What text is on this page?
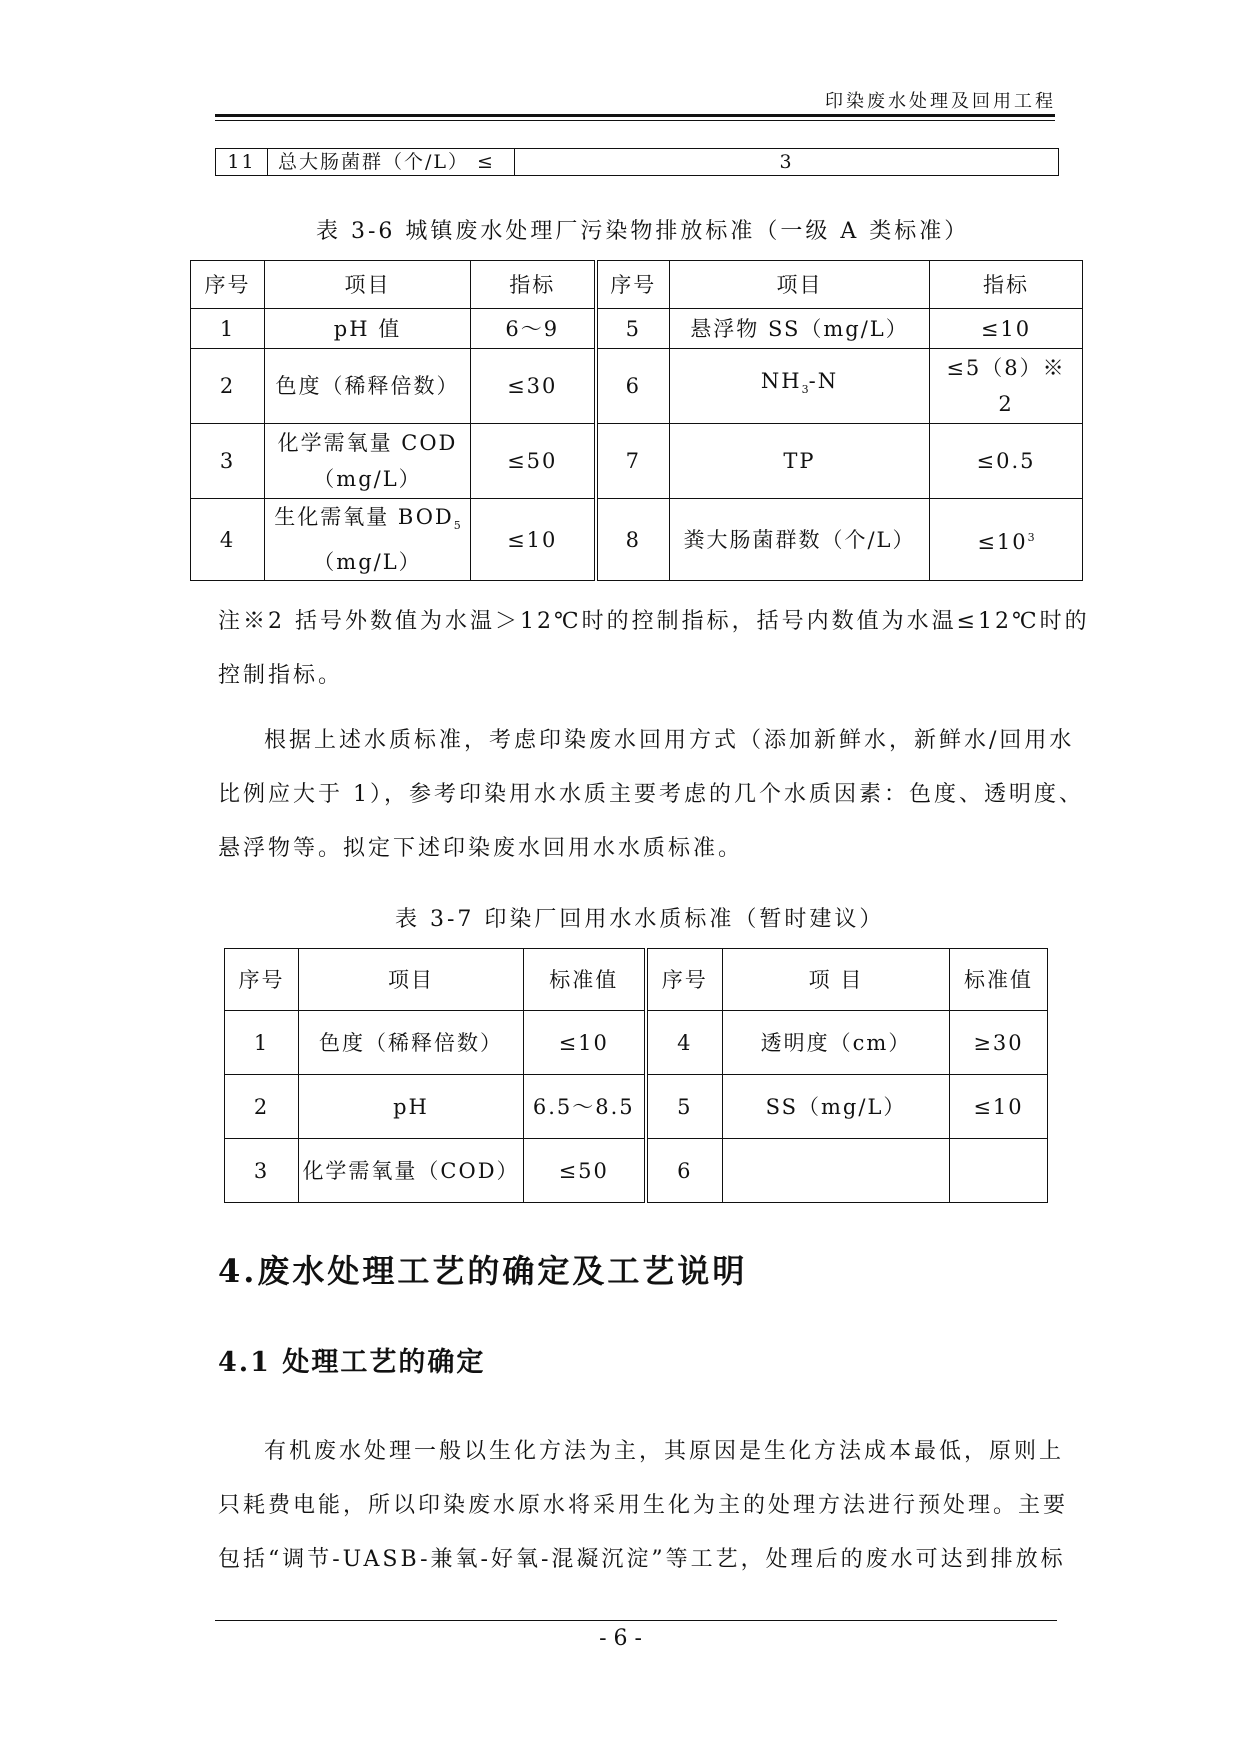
印染废水处理及回用工程
11	总大肠菌群（个/L） ≤	3
表 3-6 城镇废水处理厂污染物排放标准（一级 A 类标准）
序号	项目	指标	序号	项目	指标
1	pH 值	6～9	5	悬浮物 SS（mg/L）	≤10
2	色度（稀释倍数）	≤30	6	$NH_3-N$	≤5（8）※
2

3	化学需氧量 COD
（mg/L）	≤50	7	TP	≤0.5
4	生化需氧量 $BOD_5$
（mg/L）	≤10	8	粪大肠菌群数（个/L）	$\le 10^3$
注※2 括号外数值为水温＞12℃时的控制指标，括号内数值为水温≤12℃时的
控制指标。
根据上述水质标准，考虑印染废水回用方式（添加新鲜水，新鲜水/回用水
比例应大于 1），参考印染用水水质主要考虑的几个水质因素：色度、透明度、
悬浮物等。拟定下述印染废水回用水水质标准。
表 3-7 印染厂回用水水质标准（暂时建议）
序号	项目	标准值	序号	项 目	标准值
1	色度（稀释倍数）	≤10	4	透明度（cm）	≥30
2	pH	6.5～8.5	5	SS（mg/L）	≤10
3	化学需氧量（COD）	≤50	6		
4.废水处理工艺的确定及工艺说明
4.1 处理工艺的确定
有机废水处理一般以生化方法为主，其原因是生化方法成本最低，原则上
只耗费电能，所以印染废水原水将采用生化为主的处理方法进行预处理。主要
包括“调节-UASB-兼氧-好氧-混凝沉淀”等工艺，处理后的废水可达到排放标
- 6 -
